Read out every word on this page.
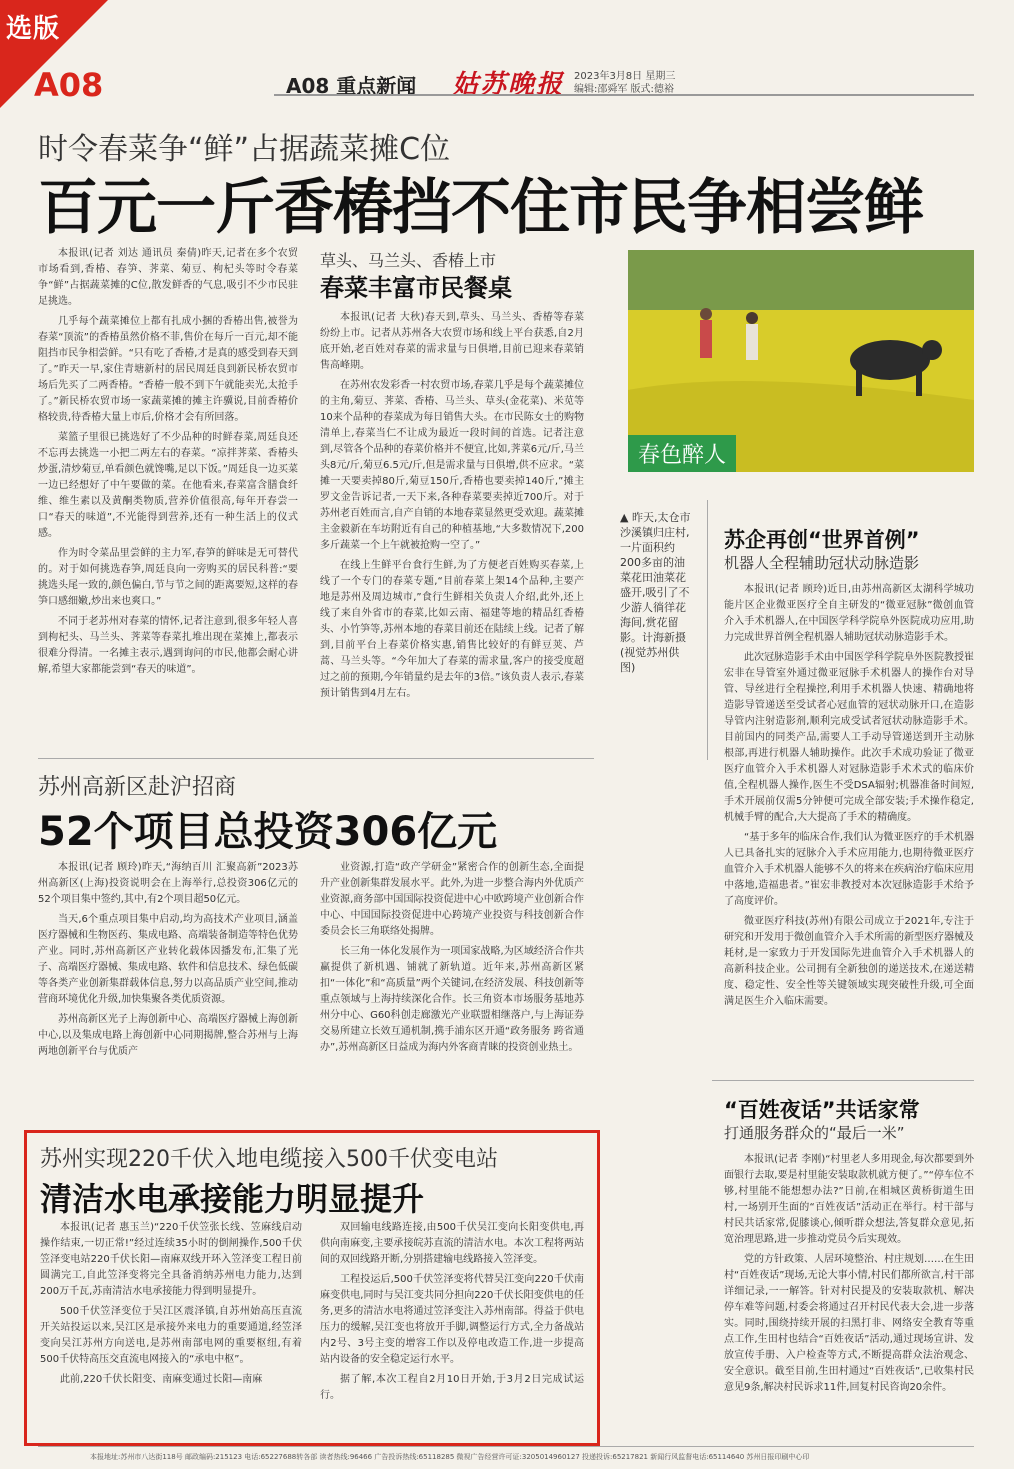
选版
A08	A08 重点新闻 姑苏晚报 2023年3月8日 星期三
编辑:邵舜军 版式:德裕
时令春菜争“鲜”占据蔬菜摊C位
百元一斤香椿挡不住市民争相尝鲜

本报讯(记者 刘达 通讯员 秦倩)昨天,记者在多个农贸市场看到,香椿、春笋、荠菜、菊豆、枸杞头等时令春菜争“鲜”占据蔬菜摊的C位,散发鲜香的气息,吸引不少市民驻足挑选。

几乎每个蔬菜摊位上都有扎成小捆的香椿出售,被誉为春菜“顶流”的香椿虽然价格不菲,售价在每斤一百元,却不能阻挡市民争相尝鲜。“只有吃了香椿,才是真的感受到春天到了。”昨天一早,家住青塘新村的居民周廷良到新民桥农贸市场后先买了二两香椿。“香椿一般不到下午就能卖光,太抢手了。”新民桥农贸市场一家蔬菜摊的摊主许骥说,目前香椿价格较贵,待香椿大量上市后,价格才会有所回落。

菜篮子里很已挑选好了不少品种的时鲜春菜,周廷良还不忘再去挑选一小把二两左右的春菜。“凉拌荠菜、香椿头炒蛋,清炒菊豆,单看颜色就馋嘴,足以下饭。”周廷良一边买菜一边已经想好了中午要做的菜。在他看来,春菜富含膳食纤维、维生素以及黄酮类物质,营养价值很高,每年开春尝一口“春天的味道”,不光能得到营养,还有一种生活上的仪式感。

作为时令菜品里尝鲜的主力军,春笋的鲜味是无可替代的。对于如何挑选春笋,周廷良向一旁购买的居民科普:“要挑选头尾一致的,颜色偏白,节与节之间的距离要短,这样的春笋口感细嫩,炒出来也爽口。”

不同于老苏州对春菜的情怀,记者注意到,很多年轻人喜到枸杞头、马兰头、荠菜等春菜扎堆出现在菜摊上,都表示很难分得清。一名摊主表示,遇到询问的市民,他都会耐心讲解,希望大家都能尝到“春天的味道”。

草头、马兰头、香椿上市
春菜丰富市民餐桌

本报讯(记者 大秋)春天到,草头、马兰头、香椿等春菜纷纷上市。记者从苏州各大农贸市场和线上平台获悉,自2月底开始,老百姓对春菜的需求量与日俱增,目前已迎来春菜销售高峰期。

在苏州农发彩香一村农贸市场,春菜几乎是每个蔬菜摊位的主角,菊豆、荠菜、香椿、马兰头、草头(金花菜)、米苋等10来个品种的春菜成为每日销售大头。在市民陈女士的购物清单上,春菜当仁不让成为最近一段时间的首选。记者注意到,尽管各个品种的春菜价格并不便宜,比如,荠菜6元/斤,马兰头8元/斤,菊豆6.5元/斤,但是需求量与日俱增,供不应求。“菜摊一天要卖掉80斤,菊豆150斤,香椿也要卖掉140斤,”摊主罗文金告诉记者,一天下来,各种春菜要卖掉近700斤。对于苏州老百姓而言,自产自销的本地春菜显然更受欢迎。蔬菜摊主金毅新在车坊附近有自己的种植基地,“大多数情况下,200多斤蔬菜一个上午就被抢购一空了。”

在线上生鲜平台食行生鲜,为了方便老百姓购买春菜,上线了一个专门的春菜专题,“目前春菜上架14个品种,主要产地是苏州及周边城市,”食行生鲜相关负责人介绍,此外,还上线了来自外省市的春菜,比如云南、福建等地的精品红香椿头、小竹笋等,苏州本地的春菜目前还在陆续上线。记者了解到,目前平台上春菜价格实惠,销售比较好的有鲜豆荚、芦蒿、马兰头等。“今年加大了春菜的需求量,客户的接受度超过之前的预期,今年销量约是去年的3倍。”该负责人表示,春菜预计销售到4月左右。

春色醉人
▲ 昨天,太仓市沙溪镇归庄村,一片面积约200多亩的油菜花田油菜花盛开,吸引了不少游人徜徉花海间,赏花留影。计海新摄(视觉苏州供图)
苏企再创“世界首例”
机器人全程辅助冠状动脉造影

本报讯(记者 顾玲)近日,由苏州高新区太湖科学城功能片区企业微亚医疗全自主研发的“微亚冠脉”微创血管介入手术机器人,在中国医学科学院阜外医院成功应用,助力完成世界首例全程机器人辅助冠状动脉造影手术。

此次冠脉造影手术由中国医学科学院阜外医院教授崔宏非在导管室外通过微亚冠脉手术机器人的操作台对导管、导丝进行全程操控,利用手术机器人快速、精确地将造影导管递送至受试者心冠血管的冠状动脉开口,在造影导管内注射造影剂,顺利完成受试者冠状动脉造影手术。目前国内的同类产品,需要人工手动导管递送到开主动脉根部,再进行机器人辅助操作。此次手术成功验证了微亚医疗血管介入手术机器人对冠脉造影手术术式的临床价值,全程机器人操作,医生不受DSA辐射;机器准备时间短,手术开展前仅需5分钟便可完成全部安装;手术操作稳定,机械手臂的配合,大大提高了手术的精确度。

“基于多年的临床合作,我们认为微亚医疗的手术机器人已具备扎实的冠脉介入手术应用能力,也期待微亚医疗血管介入手术机器人能够不久的将来在疾病治疗临床应用中落地,造福患者。”崔宏非教授对本次冠脉造影手术给予了高度评价。

微亚医疗科技(苏州)有限公司成立于2021年,专注于研究和开发用于微创血管介入手术所需的新型医疗器械及耗材,是一家致力于开发国际先进血管介入手术机器人的高新科技企业。公司拥有全新独创的递送技术,在递送精度、稳定性、安全性等关键领域实现突破性升级,可全面满足医生介入临床需要。

“百姓夜话”共话家常
打通服务群众的“最后一米”

本报讯(记者 李刚)“村里老人多用现金,每次都要到外面银行去取,要是村里能安装取款机就方便了。”“停车位不够,村里能不能想想办法?”日前,在相城区黄桥街道生田村,一场别开生面的“百姓夜话”活动正在举行。村干部与村民共话家常,促膝谈心,倾听群众想法,答复群众意见,拓宽治理思路,进一步推动党员今后实现效。

党的方针政策、人居环境整治、村庄规划……在生田村“百姓夜话”现场,无论大事小情,村民们都所欲言,村干部详细记录,一一解答。针对村民提及的安装取款机、解决停车难等问题,村委会将通过召开村民代表大会,进一步落实。同时,围绕持续开展的扫黑打非、网络安全教育等重点工作,生田村也结合“百姓夜话”活动,通过现场宣讲、发放宣传手册、入户检查等方式,不断提高群众法治观念、安全意识。截至目前,生田村通过“百姓夜话”,已收集村民意见9条,解决村民诉求11件,回复村民咨询20余件。

苏州高新区赴沪招商
52个项目总投资306亿元

本报讯(记者 顾玲)昨天,“海纳百川 汇聚高新”2023苏州高新区(上海)投资说明会在上海举行,总投资306亿元的52个项目集中签约,其中,有2个项目超50亿元。

当天,6个重点项目集中启动,均为高技术产业项目,涵盖医疗器械和生物医药、集成电路、高端装备制造等特色优势产业。同时,苏州高新区产业转化载体因播发布,汇集了光子、高端医疗器械、集成电路、软件和信息技术、绿色低碳等各类产业创新集群载体信息,努力以高品质产业空间,推动营商环境优化升级,加快集聚各类优质资源。

苏州高新区光子上海创新中心、高端医疗器械上海创新中心,以及集成电路上海创新中心同期揭牌,整合苏州与上海两地创新平台与优质产

业资源,打造“政产学研金”紧密合作的创新生态,全面提升产业创新集群发展水平。此外,为进一步整合海内外优质产业资源,商务部中国国际投资促进中心中欧跨境产业创新合作中心、中国国际投资促进中心跨境产业投资与科技创新合作委员会长三角联络处揭牌。

长三角一体化发展作为一项国家战略,为区域经济合作共赢提供了新机遇、铺就了新轨道。近年来,苏州高新区紧扣“一体化”和“高质量”两个关键词,在经济发展、科技创新等重点领域与上海持续深化合作。长三角资本市场服务基地苏州分中心、G60科创走廊激光产业联盟相继落户,与上海证券交易所建立长效互通机制,携手浦东区开通“政务服务 跨省通办”,苏州高新区日益成为海内外客商青睐的投资创业热土。

苏州实现220千伏入地电缆接入500千伏变电站
清洁水电承接能力明显提升

本报讯(记者 惠玉兰)“220千伏笠张长线、笠麻线启动操作结束,一切正常!”经过连续35小时的倒闸操作,500千伏笠泽变电站220千伏长阳—南麻双线开环入笠泽变工程日前圆满完工,自此笠泽变将完全具备消纳苏州电力能力,达到200万千瓦,苏南清洁水电承接能力得到明显提升。

500千伏笠泽变位于吴江区震泽镇,自苏州始高压直流开关站投运以来,吴江区是承接外来电力的重要通道,经笠泽变向吴江苏州方向送电,是苏州南部电网的重要枢纽,有着500千伏特高压交直流电网接入的“承电中枢”。

此前,220千伏长阳变、南麻变通过长阳—南麻

双回输电线路连接,由500千伏吴江变向长阳变供电,再供向南麻变,主要承接皖苏直流的清洁水电。本次工程将两站间的双回线路开断,分别搭建输电线路接入笠泽变。

工程投运后,500千伏笠泽变将代替吴江变向220千伏南麻变供电,同时与吴江变共同分担向220千伏长阳变供电的任务,更多的清洁水电将通过笠泽变注入苏州南部。得益于供电压力的缓解,吴江变也将放开手脚,调整运行方式,全力备战站内2号、3号主变的增容工作以及停电改造工作,进一步提高站内设备的安全稳定运行水平。

据了解,本次工程自2月10日开始,于3月2日完成试运行。

本报地址:苏州市八达街118号 邮政编码:215123 电话:65227688转各部 读者热线:96466 广告投诉热线:65118285 微视广告经营许可证:3205014960127 投递投诉:65217821 新闻行风监督电话:65114640 苏州日报印刷中心印
